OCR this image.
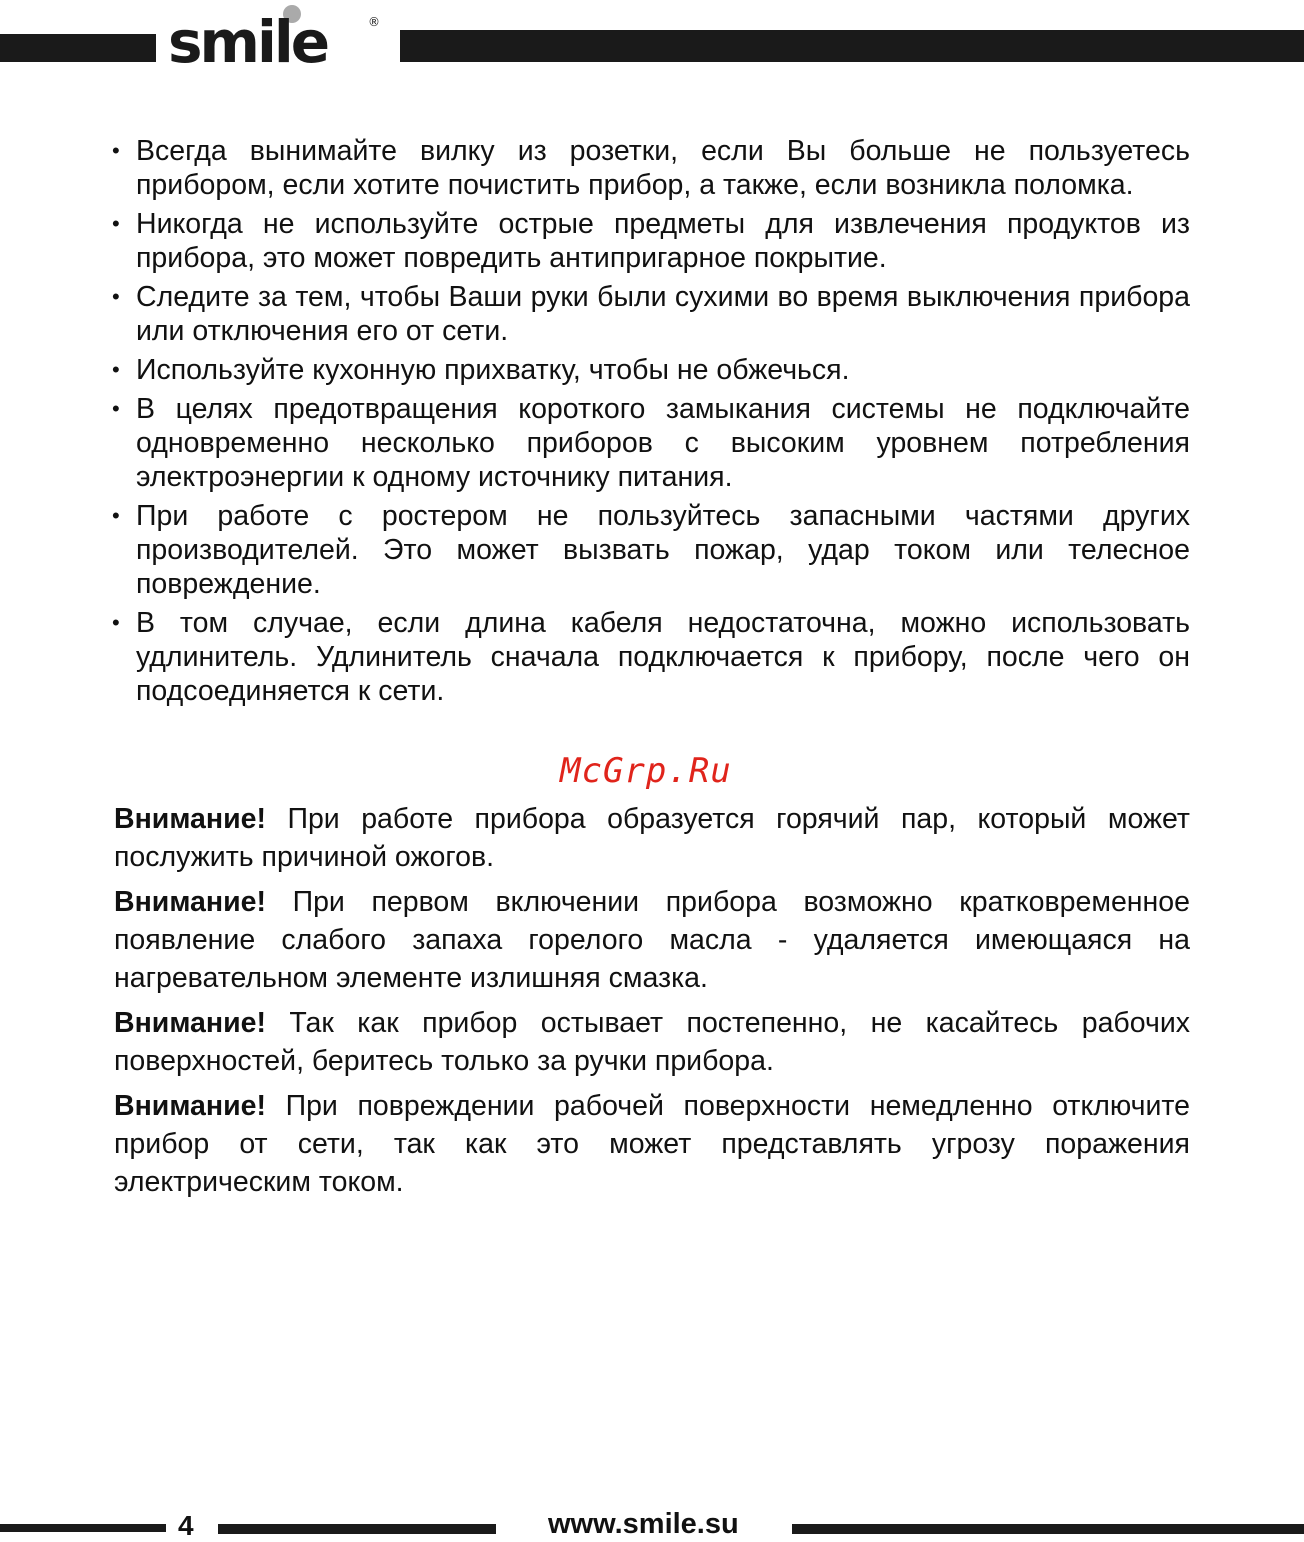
smile	®
• Всегда вынимайте вилку из розетки, если Вы больше не пользуетесь прибором, если хотите почистить прибор, а также, если возникла поломка.
• Никогда не используйте острые предметы для извлечения продуктов из прибора, это может повредить антипригарное покрытие.
• Следите за тем, чтобы Ваши руки были сухими во время выключения прибора или отключения его от сети.
• Используйте кухонную прихватку, чтобы не обжечься.
• В целях предотвращения короткого замыкания системы не подключайте одновременно несколько приборов с высоким уровнем потребления электроэнергии к одному источнику питания.
• При работе с ростером не пользуйтесь запасными частями других производителей. Это может вызвать пожар, удар током или телесное повреждение.
• В том случае, если длина кабеля недостаточна, можно использовать удлинитель. Удлинитель сначала подключается к прибору, после чего он подсоединяется к сети.
McGrp.Ru

Внимание! При работе прибора образуется горячий пар, который может послужить причиной ожогов.

Внимание! При первом включении прибора возможно кратковременное появление слабого запаха горелого масла - удаляется имеющаяся на нагревательном элементе излишняя смазка.

Внимание! Так как прибор остывает постепенно, не касайтесь рабочих поверхностей, беритесь только за ручки прибора.

Внимание! При повреждении рабочей поверхности немедленно отключите прибор от сети, так как это может представлять угрозу поражения электрическим током.

4	www.smile.su
